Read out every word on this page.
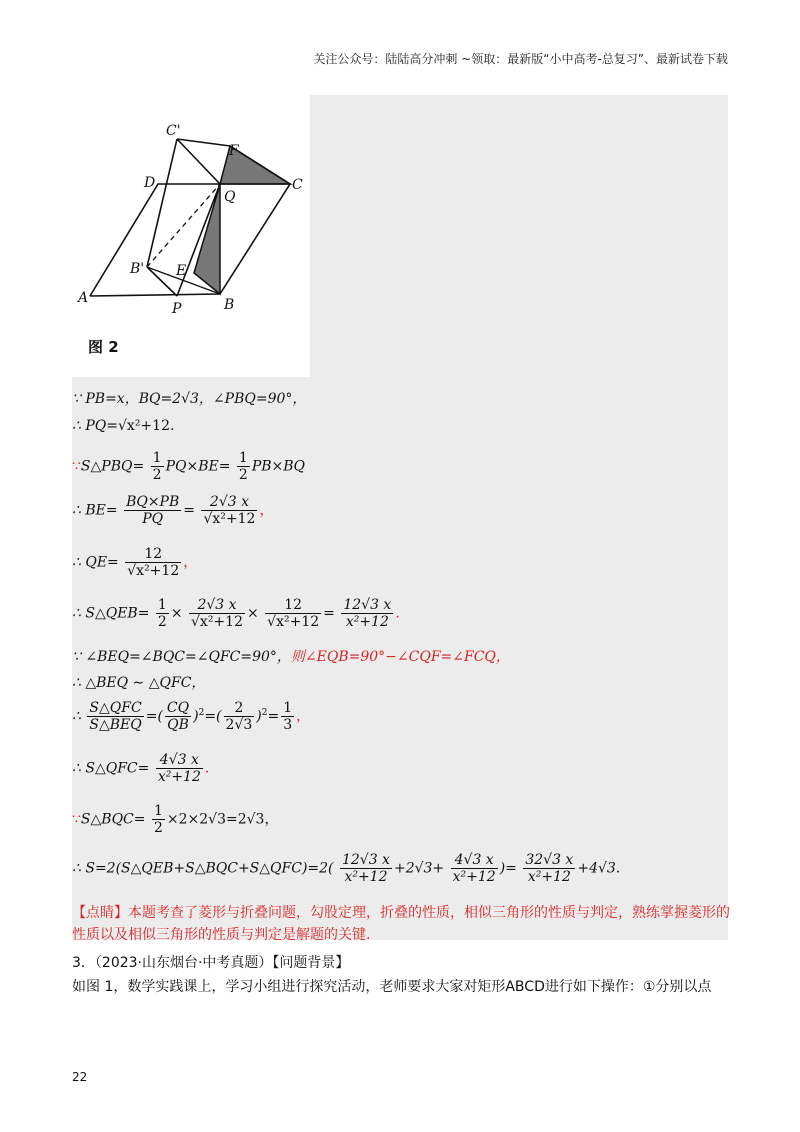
关注公众号：陆陆高分冲刺 ~领取：最新版“小中高考-总复习”、最新试卷下载
C'
F
D
Q
C
B' E
A
P	B
图 2
∵ PB=x，BQ=2√3，∠PBQ=90°，
∴ PQ=√x²+12.
∵S△PBQ= $\frac{1}{2} PQ\times BE= \frac{1}{2} PB\times BQ$
∴ $BE= \frac{BQ\times PB}{PQ} = \frac{2√3 x}{\text{√x²+12}}$ ，
∴ $QE= \frac{12}{\text{√x²+12}}$ ，
∴ S△QEB= $\frac{1}{2} \times \frac{2√3 x}{\text{√x²+12}} \times \frac{12}{\text{√x²+12}} = \frac{12√3 x}{\text{x²+12}}$ .
∵ ∠BEQ=∠BQC=∠QFC=90°，则∠EQB=90°−∠CQF=∠FCQ，
∴ △BEQ ∼ △QFC，
∴ $\frac{\text{S△QFC}}{\text{S△BEQ}}$ =( $\frac{CQ}{QB} )^2=( \frac{2}{2√3} )^2= \frac{1}{3}$ ，
∴ S△QFC= $\frac{4√3 x}{\text{x²+12}}$ .
∵S△BQC= $\frac{1}{2} \times 2\times 2√3=2√3$，
∴ S=2(S△QEB+S△BQC+S△QFC)=2( $\frac{12√3 x}{\text{x²+12}} +2√3+ \frac{4√3 x}{\text{x²+12}}$ )= $\frac{32√3 x}{\text{x²+12}} +4√3$.
【点睛】本题考查了菱形与折叠问题，勾股定理，折叠的性质，相似三角形的性质与判定，熟练掌握菱形的性质以及相似三角形的性质与判定是解题的关键.
3．（2023·山东烟台·中考真题）【问题背景】
如图 1，数学实践课上，学习小组进行探究活动，老师要求大家对矩形ABCD进行如下操作：①分别以点
22
